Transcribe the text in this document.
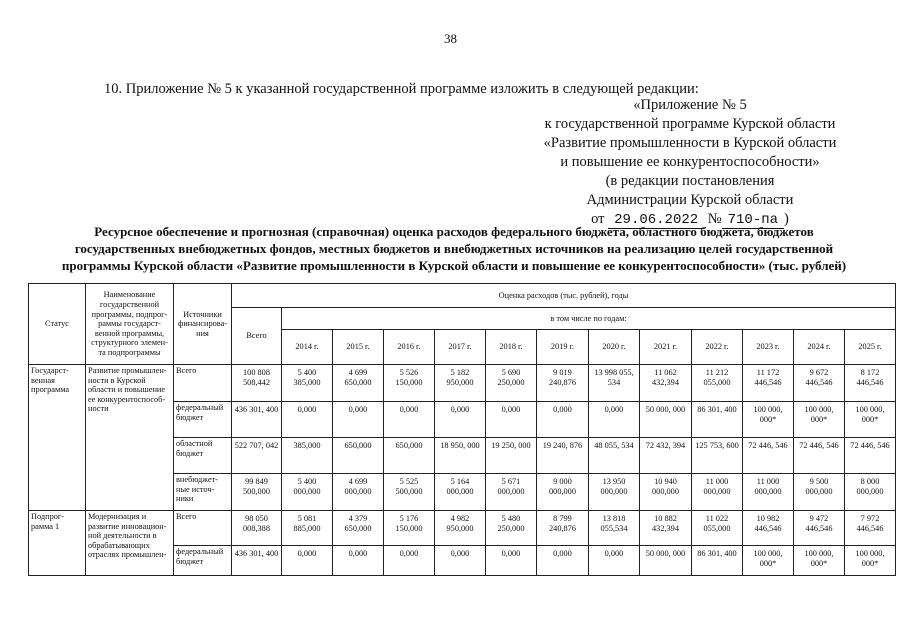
38
10. Приложение № 5 к указанной государственной программе изложить в следующей редакции:
«Приложение № 5
к государственной программе Курской области
«Развитие промышленности в Курской области
и повышение ее конкурентоспособности»
(в редакции постановления
Администрации Курской области
от 29.06.2022 № 710-па )
Ресурсное обеспечение и прогнозная (справочная) оценка расходов федерального бюджета, областного бюджета, бюджетов государственных внебюджетных фондов, местных бюджетов и внебюджетных источников на реализацию целей государственной программы Курской области «Развитие промышленности в Курской области и повышение ее конкурентоспособности» (тыс. рублей)
Статус	Наименование государственной программы, подпрог-раммы государст-венной программы, структурного элемен-та подпрограммы	Источники финансирова-ния	Оценка расходов (тыс. рублей), годы												
			Всего	в том числе по годам:											
				2014 г.	2015 г.	2016 г.	2017 г.	2018 г.	2019 г.	2020 г.	2021 г.	2022 г.	2023 г.	2024 г.	2025 г.
Государст-венная программа	Развитие промышлен-ности в Курской области и повышение ее конкурентоспособ-ности	Всего	100 808 508,442	5 400 385,000	4 699 650,000	5 526 150,000	5 182 950,000	5 690 250,000	9 019 240,876	13 998 055, 534	11 062 432,394	11 212 055,000	11 172 446,546	9 672 446,546	8 172 446,546
		федеральный бюджет	436 301, 400	0,000	0,000	0,000	0,000	0,000	0,000	0,000	50 000, 000	86 301, 400	100 000, 000*	100 000, 000*	100 000, 000*
		областной бюджет	522 707, 042	385,000	650,000	650,000	18 950, 000	19 250, 000	19 240, 876	48 055, 534	72 432, 394	125 753, 600	72 446, 546	72 446, 546	72 446, 546
		внебюджет-ные источ-ники	99 849 500,000	5 400 000,000	4 699 000,000	5 525 500,000	5 164 000,000	5 671 000,000	9 000 000,000	13 950 000,000	10 940 000,000	11 000 000,000	11 000 000,000	9 500 000,000	8 000 000,000
Подпрог-рамма 1	Модернизация и развитие инновацион-ной деятельности в обрабатывающих отраслях промышлен-	Всего	98 050 008,388	5 081 885,000	4 379 650,000	5 176 150,000	4 982 950,000	5 480 250,000	8 799 240,876	13 818 055,534	10 882 432,394	11 022 055,000	10 982 446,546	9 472 446,546	7 972 446,546
		федеральный бюджет	436 301, 400	0,000	0,000	0,000	0,000	0,000	0,000	0,000	50 000, 000	86 301, 400	100 000, 000*	100 000, 000*	100 000, 000*
